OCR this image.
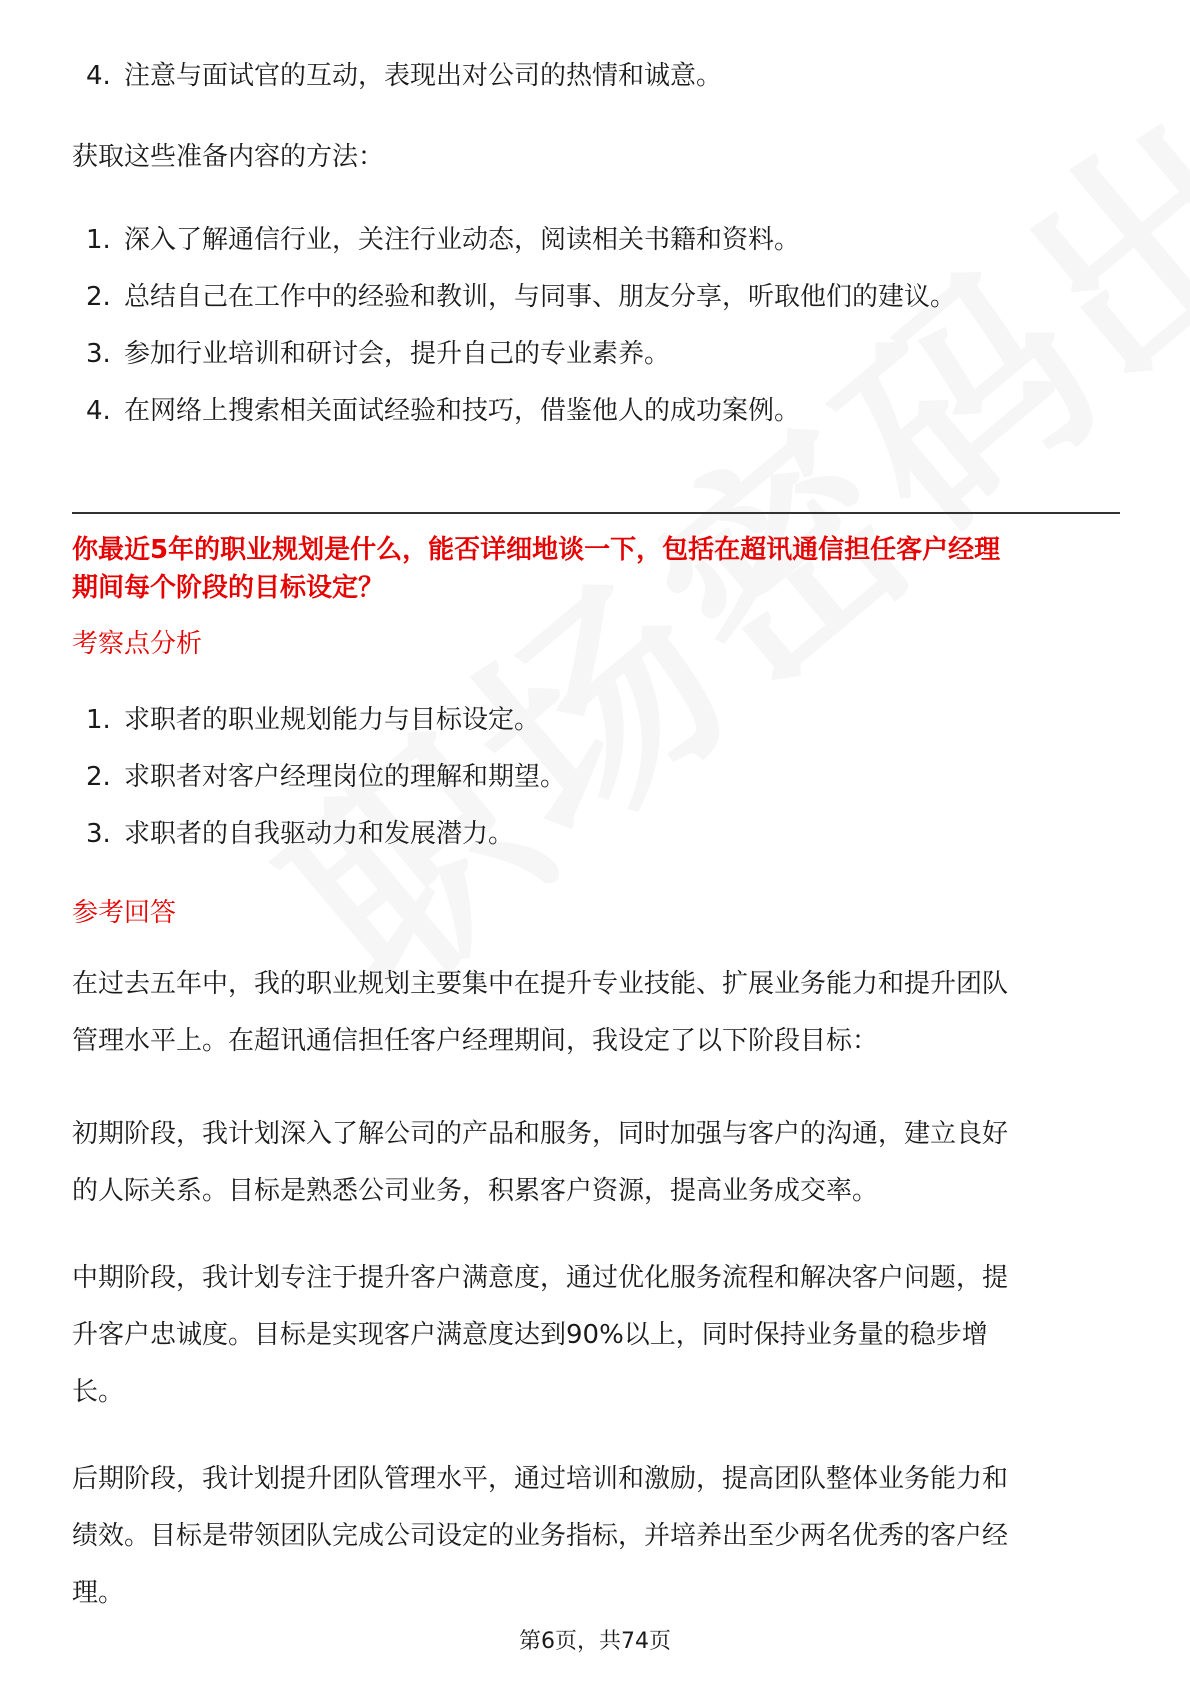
4. 注意与面试官的互动，表现出对公司的热情和诚意。

获取这些准备内容的方法：

1. 深入了解通信行业，关注行业动态，阅读相关书籍和资料。
2. 总结自己在工作中的经验和教训，与同事、朋友分享，听取他们的建议。
3. 参加行业培训和研讨会，提升自己的专业素养。
4. 在网络上搜索相关面试经验和技巧，借鉴他人的成功案例。

你最近5年的职业规划是什么，能否详细地谈一下，包括在超讯通信担任客户经理

期间每个阶段的目标设定？

考察点分析

1. 求职者的职业规划能力与目标设定。
2. 求职者对客户经理岗位的理解和期望。
3. 求职者的自我驱动力和发展潜力。

参考回答

在过去五年中，我的职业规划主要集中在提升专业技能、扩展业务能力和提升团队

管理水平上。在超讯通信担任客户经理期间，我设定了以下阶段目标：

初期阶段，我计划深入了解公司的产品和服务，同时加强与客户的沟通，建立良好

的人际关系。目标是熟悉公司业务，积累客户资源，提高业务成交率。

中期阶段，我计划专注于提升客户满意度，通过优化服务流程和解决客户问题，提

升客户忠诚度。目标是实现客户满意度达到90%以上，同时保持业务量的稳步增

长。

后期阶段，我计划提升团队管理水平，通过培训和激励，提高团队整体业务能力和

绩效。目标是带领团队完成公司设定的业务指标，并培养出至少两名优秀的客户经

理。

第6页，共74页
